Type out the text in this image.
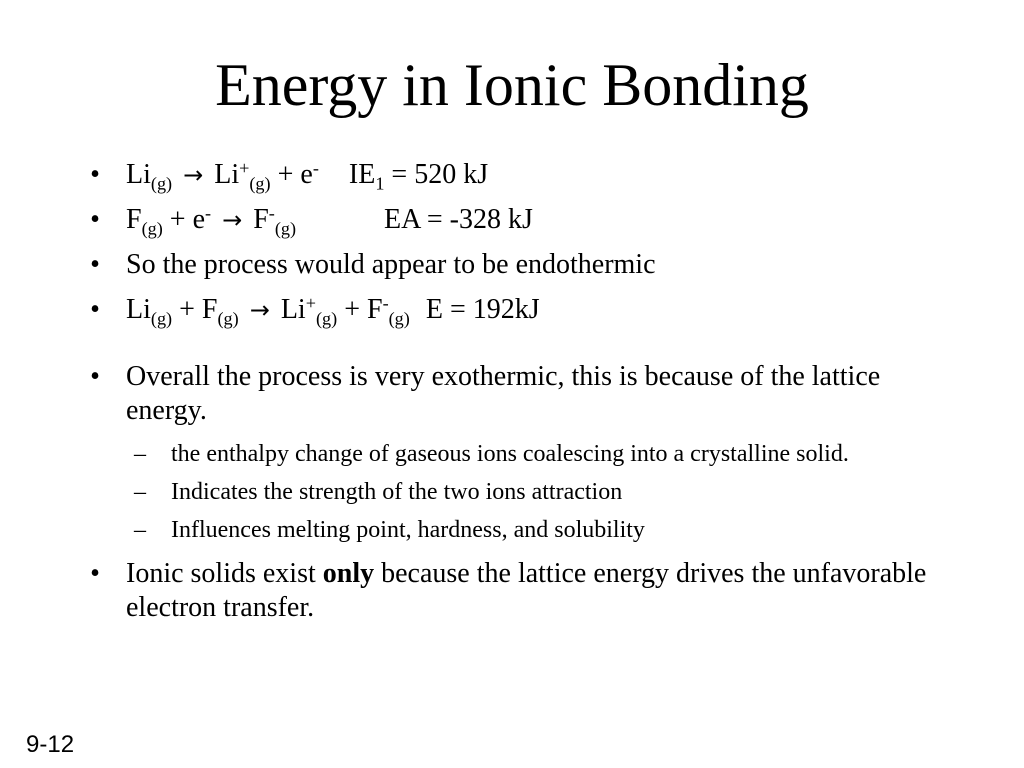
Energy in Ionic Bonding
• $Li_{(g)} \to Li^+_{(g)} + e^-$ $IE_1 = 520$ kJ
• $F_{(g)} + e^- \to F^-_{(g)}$	EA = -328 kJ
• So the process would appear to be endothermic
• $Li_{(g)} + F_{(g)} \to Li^+_{(g)} + F^-_{(g)}$ E = 192kJ
• Overall the process is very exothermic, this is because of the lattice energy.
– the enthalpy change of gaseous ions coalescing into a crystalline solid.
– Indicates the strength of the two ions attraction
– Influences melting point, hardness, and solubility
• Ionic solids exist only because the lattice energy drives the unfavorable electron transfer.
9-12
